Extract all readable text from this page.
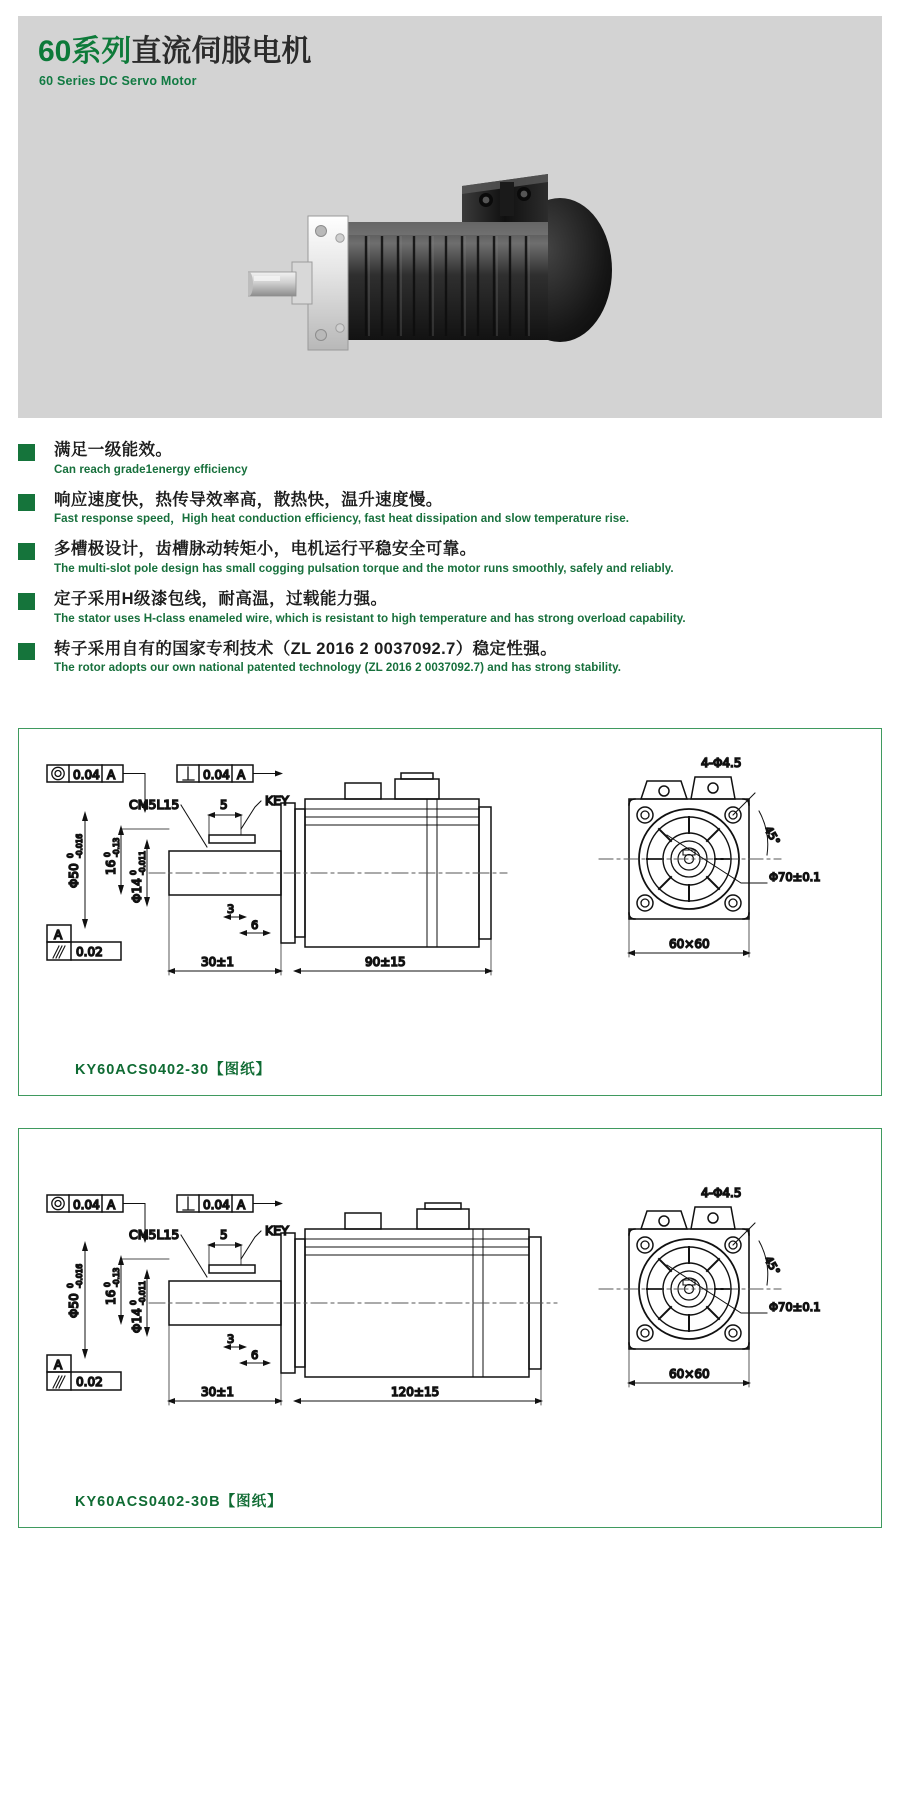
60系列直流伺服电机
60 Series DC Servo Motor
满足一级能效。
Can reach grade1energy efficiency
响应速度快，热传导效率高，散热快，温升速度慢。
Fast response speed，High heat conduction efficiency, fast heat dissipation and slow temperature rise.
多槽极设计，齿槽脉动转矩小，电机运行平稳安全可靠。
The multi-slot pole design has small cogging pulsation torque and the motor runs smoothly, safely and reliably.
定子采用H级漆包线，耐高温，过载能力强。
The stator uses H-class enameled wire, which is resistant to high temperature and has strong overload capability.
转子采用自有的国家专利技术（ZL 2016 2 0037092.7）稳定性强。
The rotor adopts our own national patented technology (ZL 2016 2 0037092.7) and has strong stability.
0.04 A	0.04 A
A
0.02
Φ50
0 -0.016
16
0 -0.13
Φ14
0 -0.011
CM5L15	5	KEY
3
6
30±1	90±15
4-Φ4.5
45°
Φ70±0.1
60×60
KY60ACS0402-30【图纸】
0.04 A	0.04 A
A
0.02
Φ50
0 -0.016
16
0 -0.13
Φ14
0 -0.011
CM5L15	5	KEY
3
6
30±1	120±15
4-Φ4.5
45°
Φ70±0.1
60×60
KY60ACS0402-30B【图纸】
